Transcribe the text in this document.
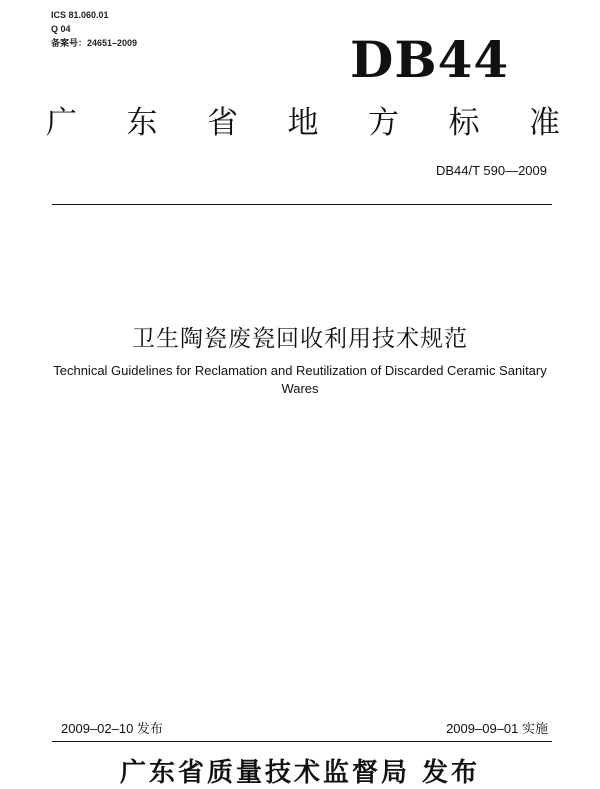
ICS 81.060.01
Q 04
备案号：24651–2009	DB44
广 东 省 地 方 标 准
DB44/T 590—2009
卫生陶瓷废瓷回收利用技术规范
Technical Guidelines for Reclamation and Reutilization of Discarded Ceramic Sanitary Wares
2009–02–10 发布	2009–09–01 实施
广东省质量技术监督局 发布
